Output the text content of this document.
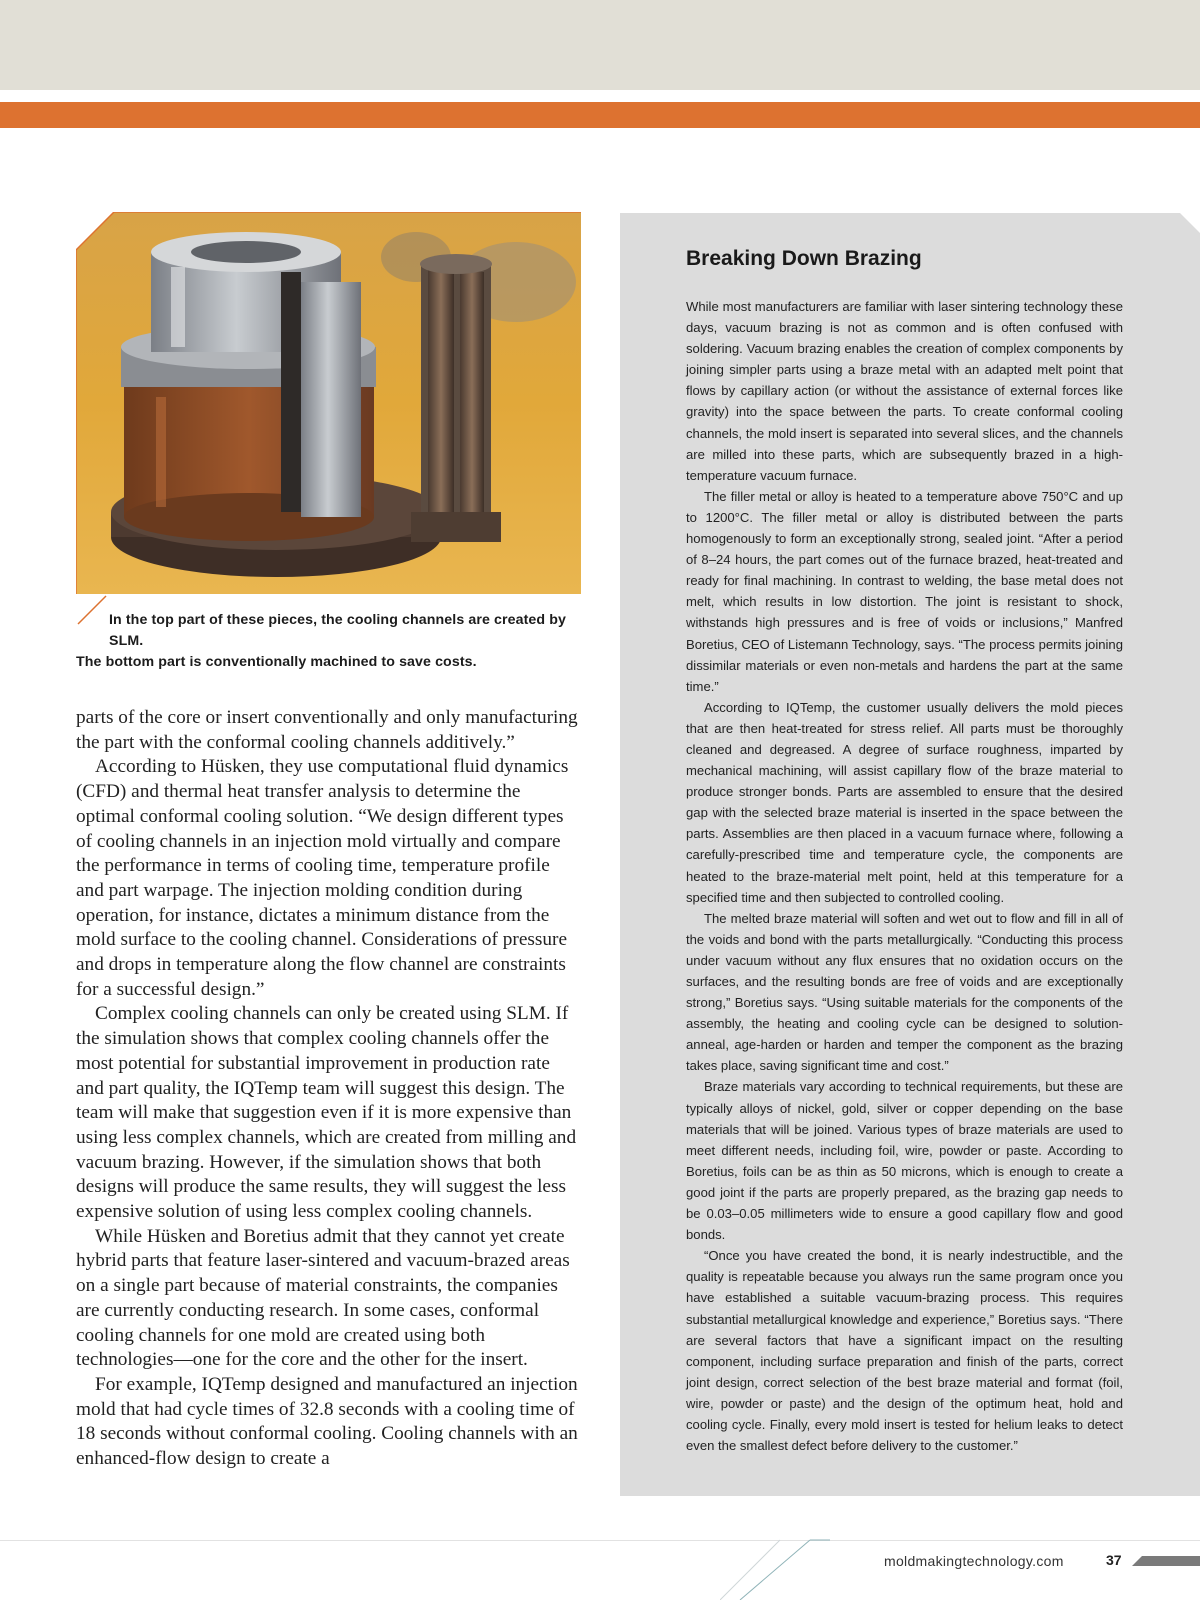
In the top part of these pieces, the cooling channels are created by SLM.
The bottom part is conventionally machined to save costs.

parts of the core or insert conventionally and only manufacturing the part with the conformal cooling channels additively.”

According to Hüsken, they use computational fluid dynamics (CFD) and thermal heat transfer analysis to determine the optimal conformal cooling solution. “We design different types of cooling channels in an injection mold virtually and compare the performance in terms of cooling time, temperature profile and part warpage. The injection molding condition during operation, for instance, dictates a minimum distance from the mold surface to the cooling channel. Considerations of pressure and drops in temperature along the flow channel are constraints for a successful design.”

Complex cooling channels can only be created using SLM. If the simulation shows that complex cooling channels offer the most potential for substantial improvement in production rate and part quality, the IQTemp team will suggest this design. The team will make that suggestion even if it is more expensive than using less complex channels, which are created from milling and vacuum brazing. However, if the simulation shows that both designs will produce the same results, they will suggest the less expensive solution of using less complex cooling channels.

While Hüsken and Boretius admit that they cannot yet create hybrid parts that feature laser-sintered and vacuum-brazed areas on a single part because of material constraints, the companies are currently conducting research. In some cases, conformal cooling channels for one mold are created using both technologies—one for the core and the other for the insert.

For example, IQTemp designed and manufactured an injection mold that had cycle times of 32.8 seconds with a cooling time of 18 seconds without conformal cooling. Cooling channels with an enhanced-flow design to create a

Breaking Down Brazing

While most manufacturers are familiar with laser sintering technology these days, vacuum brazing is not as common and is often confused with soldering. Vacuum brazing enables the creation of complex components by joining simpler parts using a braze metal with an adapted melt point that flows by capillary action (or without the assistance of external forces like gravity) into the space between the parts. To create conformal cooling channels, the mold insert is separated into several slices, and the channels are milled into these parts, which are subsequently brazed in a high-temperature vacuum furnace.

The filler metal or alloy is heated to a temperature above 750°C and up to 1200°C. The filler metal or alloy is distributed between the parts homogenously to form an exceptionally strong, sealed joint. “After a period of 8–24 hours, the part comes out of the furnace brazed, heat-treated and ready for final machining. In contrast to welding, the base metal does not melt, which results in low distortion. The joint is resistant to shock, withstands high pressures and is free of voids or inclusions,” Manfred Boretius, CEO of Listemann Technology, says. “The process permits joining dissimilar materials or even non-metals and hardens the part at the same time.”

According to IQTemp, the customer usually delivers the mold pieces that are then heat-treated for stress relief. All parts must be thoroughly cleaned and degreased. A degree of surface roughness, imparted by mechanical machining, will assist capillary flow of the braze material to produce stronger bonds. Parts are assembled to ensure that the desired gap with the selected braze material is inserted in the space between the parts. Assemblies are then placed in a vacuum furnace where, following a carefully-prescribed time and temperature cycle, the components are heated to the braze-material melt point, held at this temperature for a specified time and then subjected to controlled cooling.

The melted braze material will soften and wet out to flow and fill in all of the voids and bond with the parts metallurgically. “Conducting this process under vacuum without any flux ensures that no oxidation occurs on the surfaces, and the resulting bonds are free of voids and are exceptionally strong,” Boretius says. “Using suitable materials for the components of the assembly, the heating and cooling cycle can be designed to solution-anneal, age-harden or harden and temper the component as the brazing takes place, saving significant time and cost.”

Braze materials vary according to technical requirements, but these are typically alloys of nickel, gold, silver or copper depending on the base materials that will be joined. Various types of braze materials are used to meet different needs, including foil, wire, powder or paste. According to Boretius, foils can be as thin as 50 microns, which is enough to create a good joint if the parts are properly prepared, as the brazing gap needs to be 0.03–0.05 millimeters wide to ensure a good capillary flow and good bonds.

“Once you have created the bond, it is nearly indestructible, and the quality is repeatable because you always run the same program once you have established a suitable vacuum-brazing process. This requires substantial metallurgical knowledge and experience,” Boretius says. “There are several factors that have a significant impact on the resulting component, including surface preparation and finish of the parts, correct joint design, correct selection of the best braze material and format (foil, wire, powder or paste) and the design of the optimum heat, hold and cooling cycle. Finally, every mold insert is tested for helium leaks to detect even the smallest defect before delivery to the customer.”

moldmakingtechnology.com	37
